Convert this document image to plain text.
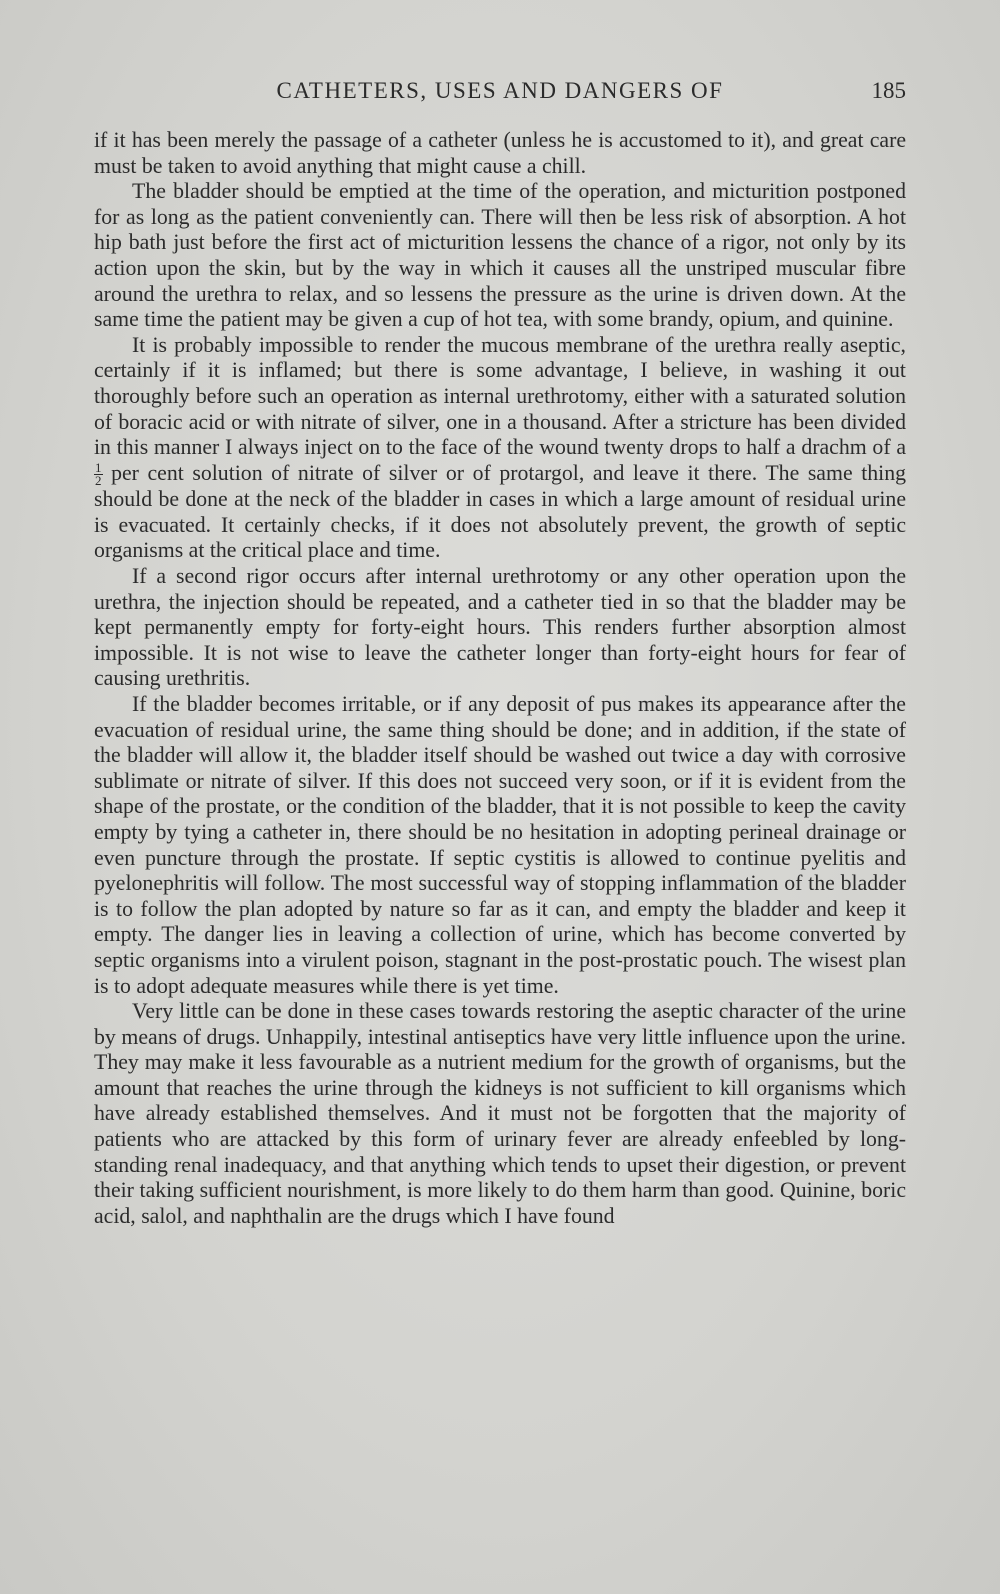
CATHETERS, USES AND DANGERS OF	185

if it has been merely the passage of a catheter (unless he is accustomed to it), and great care must be taken to avoid anything that might cause a chill.

The bladder should be emptied at the time of the operation, and micturition postponed for as long as the patient conveniently can. There will then be less risk of absorption. A hot hip bath just before the first act of micturition lessens the chance of a rigor, not only by its action upon the skin, but by the way in which it causes all the unstriped muscular fibre around the urethra to relax, and so lessens the pressure as the urine is driven down. At the same time the patient may be given a cup of hot tea, with some brandy, opium, and quinine.

It is probably impossible to render the mucous membrane of the urethra really aseptic, certainly if it is inflamed; but there is some advantage, I believe, in washing it out thoroughly before such an operation as internal urethrotomy, either with a saturated solution of boracic acid or with nitrate of silver, one in a thousand. After a stricture has been divided in this manner I always inject on to the face of the wound twenty drops to half a drachm of a
$\frac{1}{2}$ per cent solution of nitrate of silver or of protargol, and leave it there. The same thing should be done at the neck of the bladder in cases in which a large amount of residual urine is evacuated. It certainly checks, if it does not absolutely prevent, the growth of septic organisms at the critical place and time.

If a second rigor occurs after internal urethrotomy or any other operation upon the urethra, the injection should be repeated, and a catheter tied in so that the bladder may be kept permanently empty for forty-eight hours. This renders further absorption almost impossible. It is not wise to leave the catheter longer than forty-eight hours for fear of causing urethritis.

If the bladder becomes irritable, or if any deposit of pus makes its appearance after the evacuation of residual urine, the same thing should be done; and in addition, if the state of the bladder will allow it, the bladder itself should be washed out twice a day with corrosive sublimate or nitrate of silver. If this does not succeed very soon, or if it is evident from the shape of the prostate, or the condition of the bladder, that it is not possible to keep the cavity empty by tying a catheter in, there should be no hesitation in adopting perineal drainage or even puncture through the prostate. If septic cystitis is allowed to continue pyelitis and pyelonephritis will follow. The most successful way of stopping inflammation of the bladder is to follow the plan adopted by nature so far as it can, and empty the bladder and keep it empty. The danger lies in leaving a collection of urine, which has become converted by septic organisms into a virulent poison, stagnant in the post-prostatic pouch. The wisest plan is to adopt adequate measures while there is yet time.

Very little can be done in these cases towards restoring the aseptic character of the urine by means of drugs. Unhappily, intestinal antiseptics have very little influence upon the urine. They may make it less favourable as a nutrient medium for the growth of organisms, but the amount that reaches the urine through the kidneys is not sufficient to kill organisms which have already established themselves. And it must not be forgotten that the majority of patients who are attacked by this form of urinary fever are already enfeebled by long-standing renal inadequacy, and that anything which tends to upset their digestion, or prevent their taking sufficient nourishment, is more likely to do them harm than good. Quinine, boric acid, salol, and naphthalin are the drugs which I have found
